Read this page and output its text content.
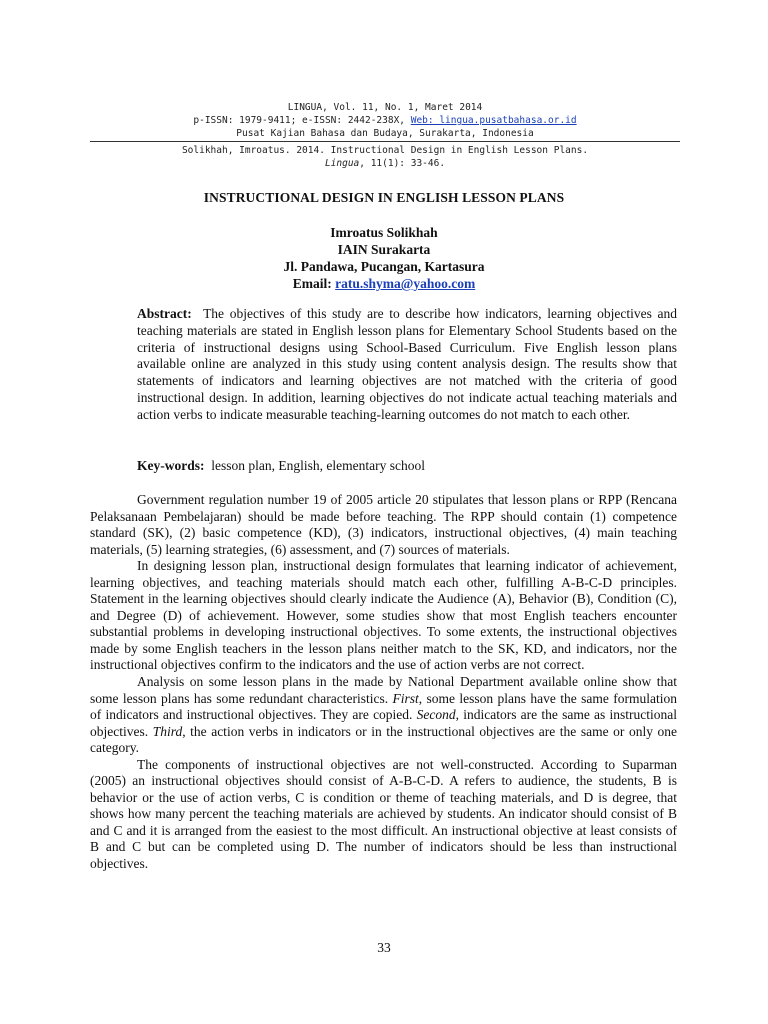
LINGUA, Vol. 11, No. 1, Maret 2014
p-ISSN: 1979-9411; e-ISSN: 2442-238X, Web: lingua.pusatbahasa.or.id
Pusat Kajian Bahasa dan Budaya, Surakarta, Indonesia
Solikhah, Imroatus. 2014. Instructional Design in English Lesson Plans.
Lingua, 11(1): 33-46.
INSTRUCTIONAL DESIGN IN ENGLISH LESSON PLANS
Imroatus Solikhah
IAIN Surakarta
Jl. Pandawa, Pucangan, Kartasura
Email: ratu.shyma@yahoo.com
Abstract: The objectives of this study are to describe how indicators, learning objectives and teaching materials are stated in English lesson plans for Elementary School Students based on the criteria of instructional designs using School-Based Curriculum. Five English lesson plans available online are analyzed in this study using content analysis design. The results show that statements of indicators and learning objectives are not matched with the criteria of good instructional design. In addition, learning objectives do not indicate actual teaching materials and action verbs to indicate measurable teaching-learning outcomes do not match to each other.
Key-words: lesson plan, English, elementary school

Government regulation number 19 of 2005 article 20 stipulates that lesson plans or RPP (Rencana Pelaksanaan Pembelajaran) should be made before teaching. The RPP should contain (1) competence standard (SK), (2) basic competence (KD), (3) indicators, instructional objectives, (4) main teaching materials, (5) learning strategies, (6) assessment, and (7) sources of materials.

In designing lesson plan, instructional design formulates that learning indicator of achievement, learning objectives, and teaching materials should match each other, fulfilling A-B-C-D principles. Statement in the learning objectives should clearly indicate the Audience (A), Behavior (B), Condition (C), and Degree (D) of achievement. However, some studies show that most English teachers encounter substantial problems in developing instructional objectives. To some extents, the instructional objectives made by some English teachers in the lesson plans neither match to the SK, KD, and indicators, nor the instructional objectives confirm to the indicators and the use of action verbs are not correct.

Analysis on some lesson plans in the made by National Department available online show that some lesson plans has some redundant characteristics. First, some lesson plans have the same formulation of indicators and instructional objectives. They are copied. Second, indicators are the same as instructional objectives. Third, the action verbs in indicators or in the instructional objectives are the same or only one category.

The components of instructional objectives are not well-constructed. According to Suparman (2005) an instructional objectives should consist of A-B-C-D. A refers to audience, the students, B is behavior or the use of action verbs, C is condition or theme of teaching materials, and D is degree, that shows how many percent the teaching materials are achieved by students. An indicator should consist of B and C and it is arranged from the easiest to the most difficult. An instructional objective at least consists of B and C but can be completed using D. The number of indicators should be less than instructional objectives.

33
